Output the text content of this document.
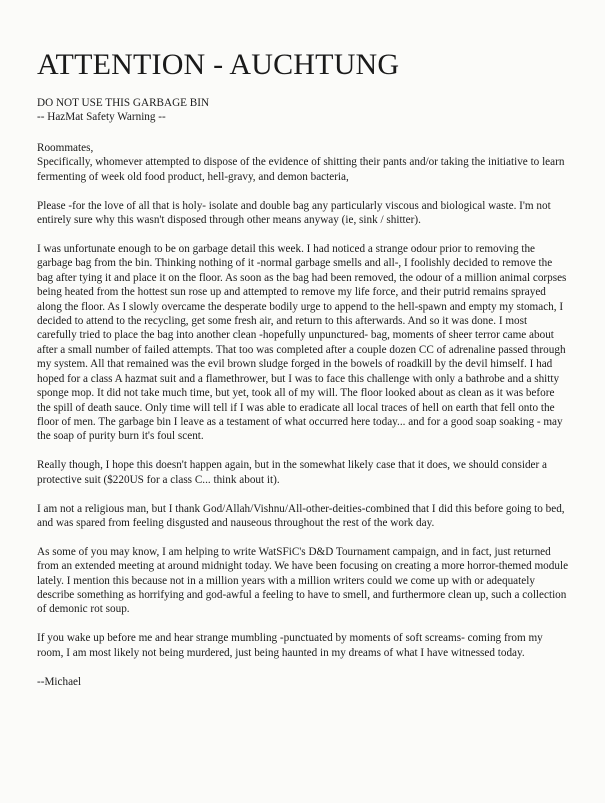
ATTENTION - AUCHTUNG
DO NOT USE THIS GARBAGE BIN
-- HazMat Safety Warning --

Roommates,

Specifically, whomever attempted to dispose of the evidence of shitting their pants and/or taking the initiative to learn fermenting of week old food product, hell-gravy, and demon bacteria,

Please -for the love of all that is holy- isolate and double bag any particularly viscous and biological waste. I'm not entirely sure why this wasn't disposed through other means anyway (ie, sink / shitter).

I was unfortunate enough to be on garbage detail this week. I had noticed a strange odour prior to removing the garbage bag from the bin. Thinking nothing of it -normal garbage smells and all-, I foolishly decided to remove the bag after tying it and place it on the floor. As soon as the bag had been removed, the odour of a million animal corpses being heated from the hottest sun rose up and attempted to remove my life force, and their putrid remains sprayed along the floor. As I slowly overcame the desperate bodily urge to append to the hell-spawn and empty my stomach, I decided to attend to the recycling, get some fresh air, and return to this afterwards. And so it was done. I most carefully tried to place the bag into another clean -hopefully unpunctured- bag, moments of sheer terror came about after a small number of failed attempts. That too was completed after a couple dozen CC of adrenaline passed through my system. All that remained was the evil brown sludge forged in the bowels of roadkill by the devil himself. I had hoped for a class A hazmat suit and a flamethrower, but I was to face this challenge with only a bathrobe and a shitty sponge mop. It did not take much time, but yet, took all of my will. The floor looked about as clean as it was before the spill of death sauce. Only time will tell if I was able to eradicate all local traces of hell on earth that fell onto the floor of men. The garbage bin I leave as a testament of what occurred here today... and for a good soap soaking - may the soap of purity burn it's foul scent.

Really though, I hope this doesn't happen again, but in the somewhat likely case that it does, we should consider a protective suit ($220US for a class C... think about it).

I am not a religious man, but I thank God/Allah/Vishnu/All-other-deities-combined that I did this before going to bed, and was spared from feeling disgusted and nauseous throughout the rest of the work day.

As some of you may know, I am helping to write WatSFiC's D&D Tournament campaign, and in fact, just returned from an extended meeting at around midnight today. We have been focusing on creating a more horror-themed module lately. I mention this because not in a million years with a million writers could we come up with or adequately describe something as horrifying and god-awful a feeling to have to smell, and furthermore clean up, such a collection of demonic rot soup.

If you wake up before me and hear strange mumbling -punctuated by moments of soft screams- coming from my room, I am most likely not being murdered, just being haunted in my dreams of what I have witnessed today.

--Michael
